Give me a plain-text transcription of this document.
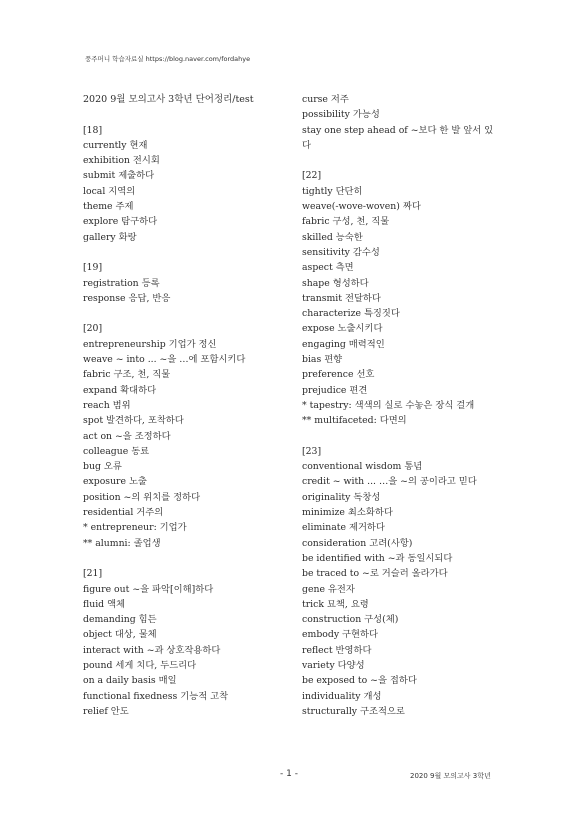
풍주머니 학습자료실 https://blog.naver.com/fordahye
2020 9월 모의고사 3학년 단어정리/test
[18]
currently 현재
exhibition 전시회
submit 제출하다
local 지역의
theme 주제
explore 탐구하다
gallery 화랑
[19]
registration 등록
response 응답, 반응
[20]
entrepreneurship 기업가 정신
weave ~ into ... ~을 …에 포함시키다
fabric 구조, 천, 직물
expand 확대하다
reach 범위
spot 발견하다, 포착하다
act on ~을 조정하다
colleague 동료
bug 오류
exposure 노출
position ~의 위치를 정하다
residential 거주의
* entrepreneur: 기업가
** alumni: 졸업생
[21]
figure out ~을 파악[이해]하다
fluid 액체
demanding 힘든
object 대상, 물체
interact with ~과 상호작용하다
pound 세게 치다, 두드리다
on a daily basis 매일
functional fixedness 기능적 고착
relief 안도
curse 저주
possibility 가능성
stay one step ahead of ~보다 한 발 앞서 있다
[22]
tightly 단단히
weave(-wove-woven) 짜다
fabric 구성, 천, 직물
skilled 능숙한
sensitivity 감수성
aspect 측면
shape 형성하다
transmit 전달하다
characterize 특징짓다
expose 노출시키다
engaging 매력적인
bias 편향
preference 선호
prejudice 편견
* tapestry: 색색의 실로 수놓은 장식 걸개
** multifaceted: 다면의
[23]
conventional wisdom 통념
credit ~ with ... …을 ~의 공이라고 믿다
originality 독창성
minimize 최소화하다
eliminate 제거하다
consideration 고려(사항)
be identified with ~과 동일시되다
be traced to ~로 거슬러 올라가다
gene 유전자
trick 묘책, 요령
construction 구성(체)
embody 구현하다
reflect 반영하다
variety 다양성
be exposed to ~을 접하다
individuality 개성
structurally 구조적으로
- 1 -	2020 9월 모의고사 3학년
